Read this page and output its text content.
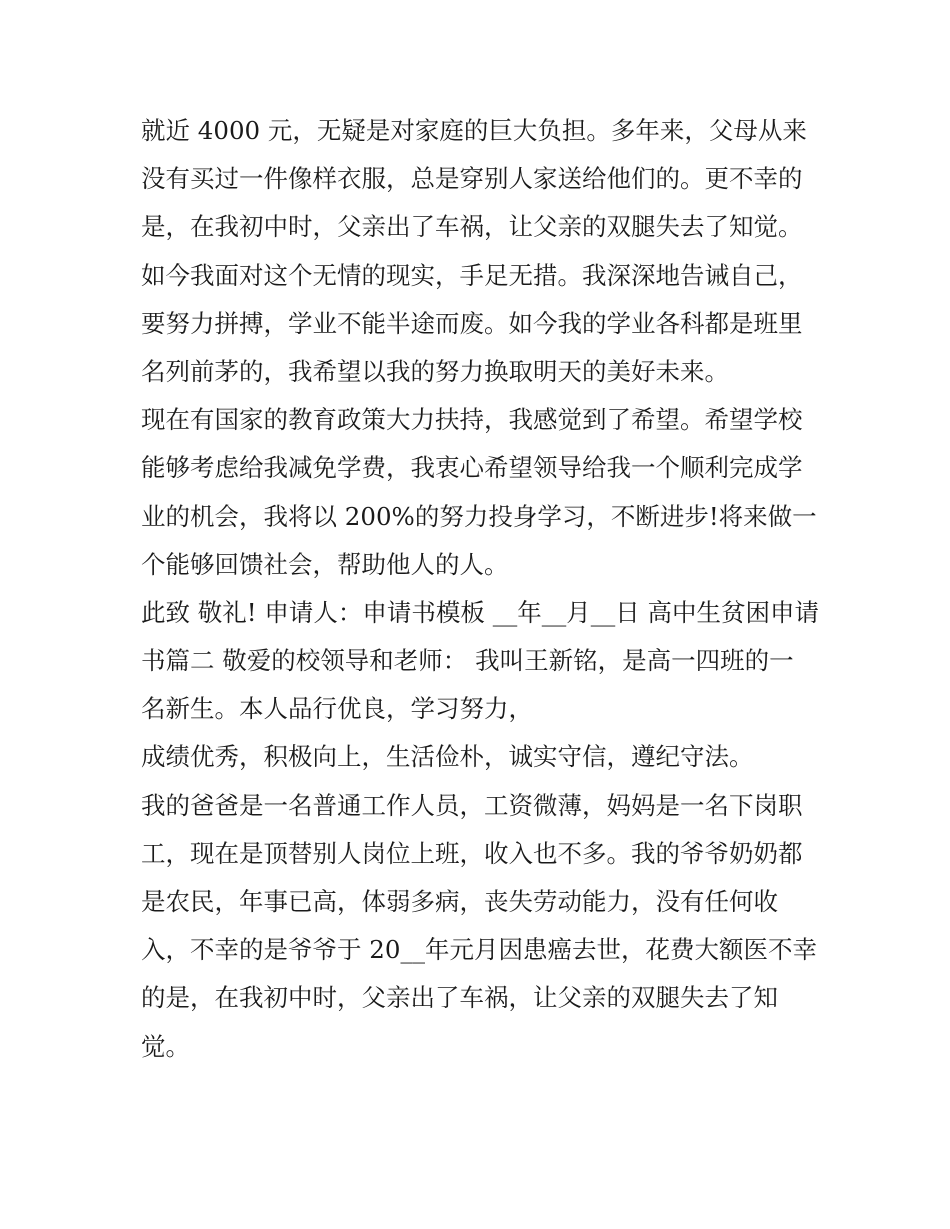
就近 4000 元，无疑是对家庭的巨大负担。多年来，父母从来
没有买过一件像样衣服，总是穿别人家送给他们的。更不幸的
是，在我初中时，父亲出了车祸，让父亲的双腿失去了知觉。
如今我面对这个无情的现实，手足无措。我深深地告诫自己，
要努力拼搏，学业不能半途而废。如今我的学业各科都是班里
名列前茅的，我希望以我的努力换取明天的美好未来。
现在有国家的教育政策大力扶持，我感觉到了希望。希望学校
能够考虑给我减免学费，我衷心希望领导给我一个顺利完成学
业的机会，我将以 200%的努力投身学习，不断进步!将来做一
个能够回馈社会，帮助他人的人。
此致 敬礼! 申请人：申请书模板 __年__月__日 高中生贫困申请
书篇二 敬爱的校领导和老师： 我叫王新铭，是高一四班的一
名新生。本人品行优良，学习努力，
成绩优秀，积极向上，生活俭朴，诚实守信，遵纪守法。
我的爸爸是一名普通工作人员，工资微薄，妈妈是一名下岗职
工，现在是顶替别人岗位上班，收入也不多。我的爷爷奶奶都
是农民，年事已高，体弱多病，丧失劳动能力，没有任何收
入，不幸的是爷爷于 20__年元月因患癌去世，花费大额医不幸
的是，在我初中时，父亲出了车祸，让父亲的双腿失去了知
觉。
